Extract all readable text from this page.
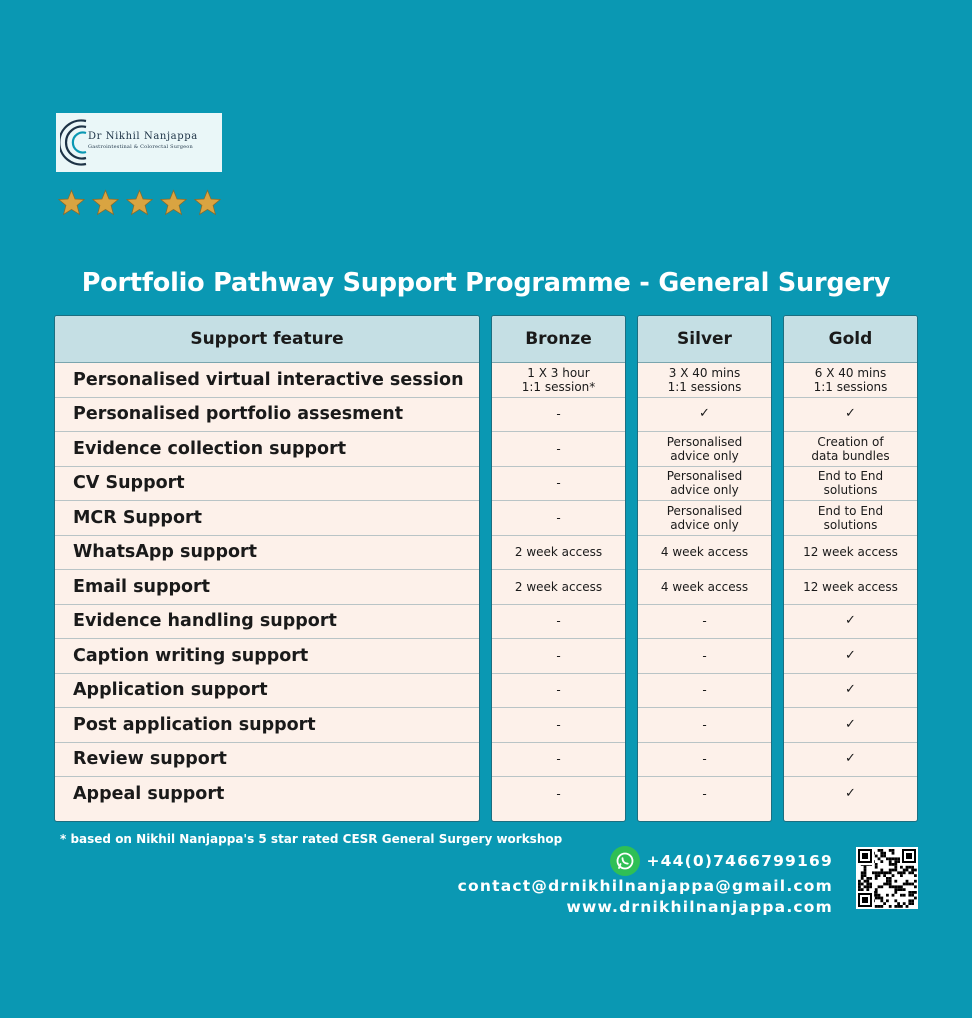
Dr Nikhil Nanjappa
Gastrointestinal & Colorectal Surgeon
Portfolio Pathway Support Programme - General Surgery
Support feature
Personalised virtual interactive session
Personalised portfolio assesment
Evidence collection support
CV Support
MCR Support
WhatsApp support
Email support
Evidence handling support
Caption writing support
Application support
Post application support
Review support
Appeal support
Bronze
1 X 3 hour
1:1 session*
-
-
-
-
2 week access
2 week access
-
-
-
-
-
-
Silver
3 X 40 mins
1:1 sessions
✓
Personalised
advice only
Personalised
advice only
Personalised
advice only
4 week access
4 week access
-
-
-
-
-
-
Gold
6 X 40 mins
1:1 sessions
✓
Creation of
data bundles
End to End
solutions
End to End
solutions
12 week access
12 week access
✓
✓
✓
✓
✓
✓
* based on Nikhil Nanjappa's 5 star rated CESR General Surgery workshop
+44(0)7466799169
contact@drnikhilnanjappa@gmail.com
www.drnikhilnanjappa.com
